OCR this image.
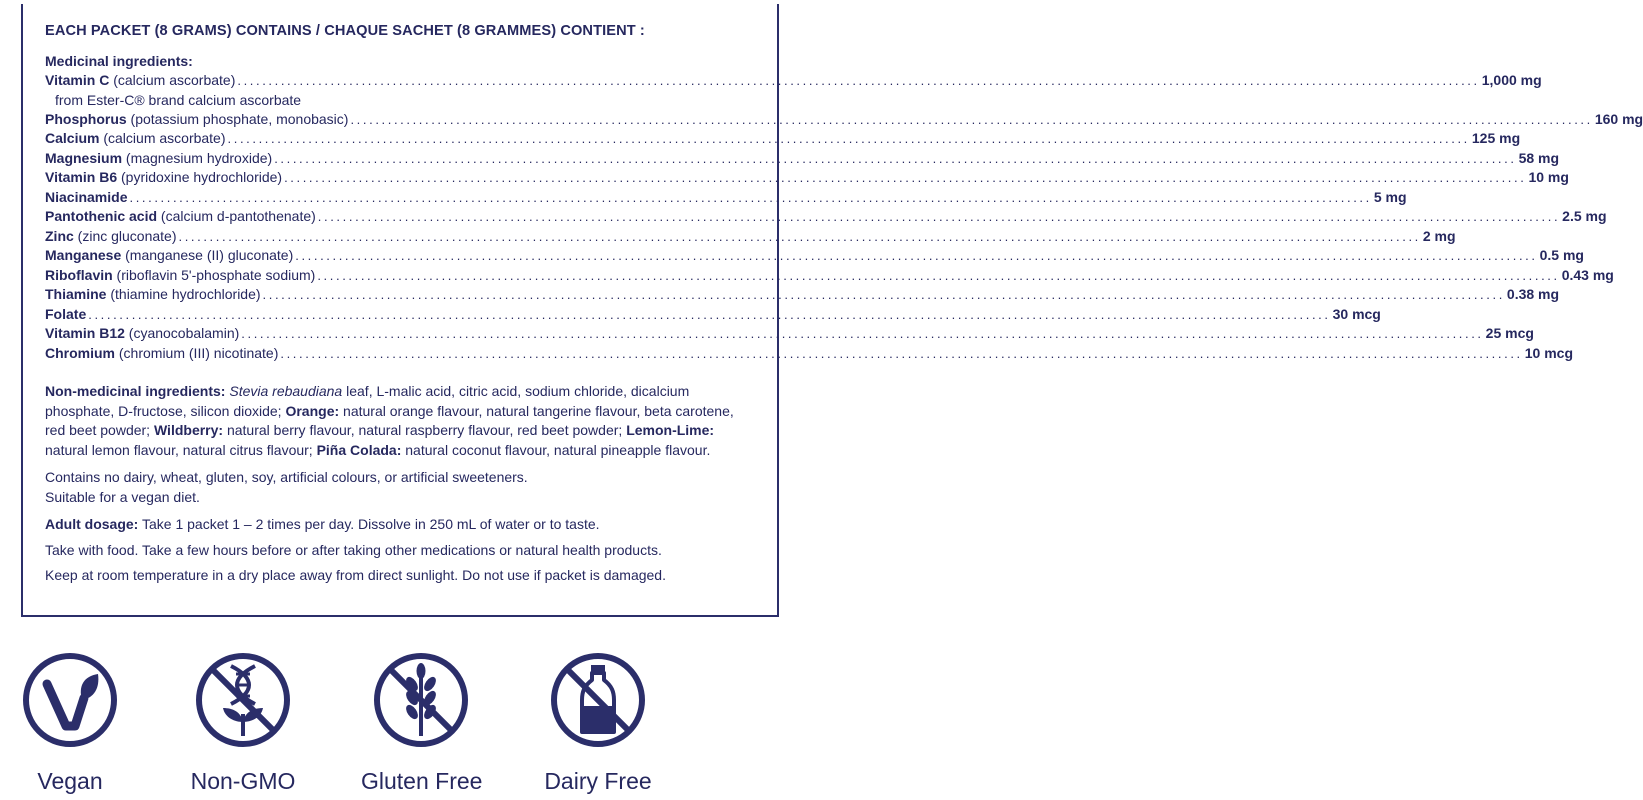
EACH PACKET (8 GRAMS) CONTAINS / CHAQUE SACHET (8 GRAMMES) CONTIENT :
Medicinal ingredients:
Vitamin C (calcium ascorbate) ........................................................................................................................................................................................................ 1,000 mg
from Ester-C® brand calcium ascorbate
Phosphorus (potassium phosphate, monobasic) ........................................................................................................................................................................................................ 160 mg
Calcium (calcium ascorbate) ........................................................................................................................................................................................................ 125 mg
Magnesium (magnesium hydroxide) ........................................................................................................................................................................................................ 58 mg
Vitamin B6 (pyridoxine hydrochloride) ........................................................................................................................................................................................................ 10 mg
Niacinamide ........................................................................................................................................................................................................ 5 mg
Pantothenic acid (calcium d-pantothenate) ........................................................................................................................................................................................................ 2.5 mg
Zinc (zinc gluconate) ........................................................................................................................................................................................................ 2 mg
Manganese (manganese (II) gluconate) ........................................................................................................................................................................................................ 0.5 mg
Riboflavin (riboflavin 5'-phosphate sodium) ........................................................................................................................................................................................................ 0.43 mg
Thiamine (thiamine hydrochloride) ........................................................................................................................................................................................................ 0.38 mg
Folate ........................................................................................................................................................................................................ 30 mcg
Vitamin B12 (cyanocobalamin) ........................................................................................................................................................................................................ 25 mcg
Chromium (chromium (III) nicotinate) ........................................................................................................................................................................................................ 10 mcg
Non-medicinal ingredients: Stevia rebaudiana leaf, L-malic acid, citric acid, sodium chloride, dicalcium phosphate, D-fructose, silicon dioxide; Orange: natural orange flavour, natural tangerine flavour, beta carotene, red beet powder; Wildberry: natural berry flavour, natural raspberry flavour, red beet powder; Lemon-Lime: natural lemon flavour, natural citrus flavour; Piña Colada: natural coconut flavour, natural pineapple flavour.
Contains no dairy, wheat, gluten, soy, artificial colours, or artificial sweeteners.
Suitable for a vegan diet.
Adult dosage: Take 1 packet 1 – 2 times per day. Dissolve in 250 mL of water or to taste.
Take with food. Take a few hours before or after taking other medications or natural health products.
Keep at room temperature in a dry place away from direct sunlight. Do not use if packet is damaged.
Vegan	Non-GMO	Gluten Free	Dairy Free
